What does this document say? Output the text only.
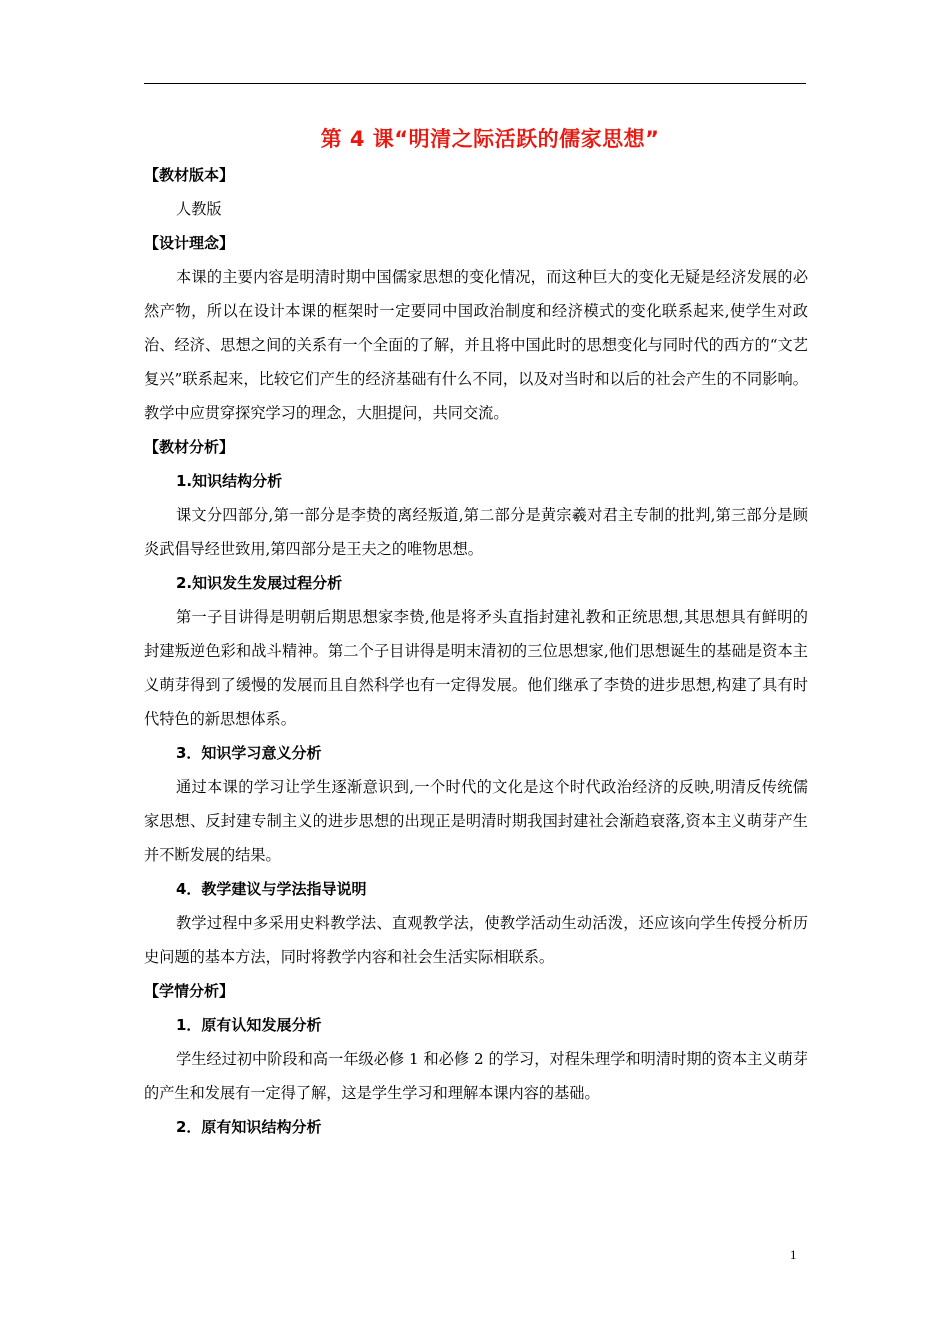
第 4 课“明清之际活跃的儒家思想”
【教材版本】
人教版
【设计理念】
本课的主要内容是明清时期中国儒家思想的变化情况，而这种巨大的变化无疑是经济发展的必然产物，所以在设计本课的框架时一定要同中国政治制度和经济模式的变化联系起来,使学生对政治、经济、思想之间的关系有一个全面的了解，并且将中国此时的思想变化与同时代的西方的“文艺复兴”联系起来，比较它们产生的经济基础有什么不同，以及对当时和以后的社会产生的不同影响。教学中应贯穿探究学习的理念，大胆提问，共同交流。
【教材分析】
1.知识结构分析
课文分四部分,第一部分是李贽的离经叛道,第二部分是黄宗羲对君主专制的批判,第三部分是顾炎武倡导经世致用,第四部分是王夫之的唯物思想。
2.知识发生发展过程分析
第一子目讲得是明朝后期思想家李贽,他是将矛头直指封建礼教和正统思想,其思想具有鲜明的封建叛逆色彩和战斗精神。第二个子目讲得是明末清初的三位思想家,他们思想诞生的基础是资本主义萌芽得到了缓慢的发展而且自然科学也有一定得发展。他们继承了李贽的进步思想,构建了具有时代特色的新思想体系。
3．知识学习意义分析
通过本课的学习让学生逐渐意识到,一个时代的文化是这个时代政治经济的反映,明清反传统儒家思想、反封建专制主义的进步思想的出现正是明清时期我国封建社会渐趋衰落,资本主义萌芽产生并不断发展的结果。
4．教学建议与学法指导说明
教学过程中多采用史料教学法、直观教学法，使教学活动生动活泼，还应该向学生传授分析历史问题的基本方法，同时将教学内容和社会生活实际相联系。
【学情分析】
1．原有认知发展分析
学生经过初中阶段和高一年级必修 1 和必修 2 的学习，对程朱理学和明清时期的资本主义萌芽的产生和发展有一定得了解，这是学生学习和理解本课内容的基础。
2．原有知识结构分析
1
